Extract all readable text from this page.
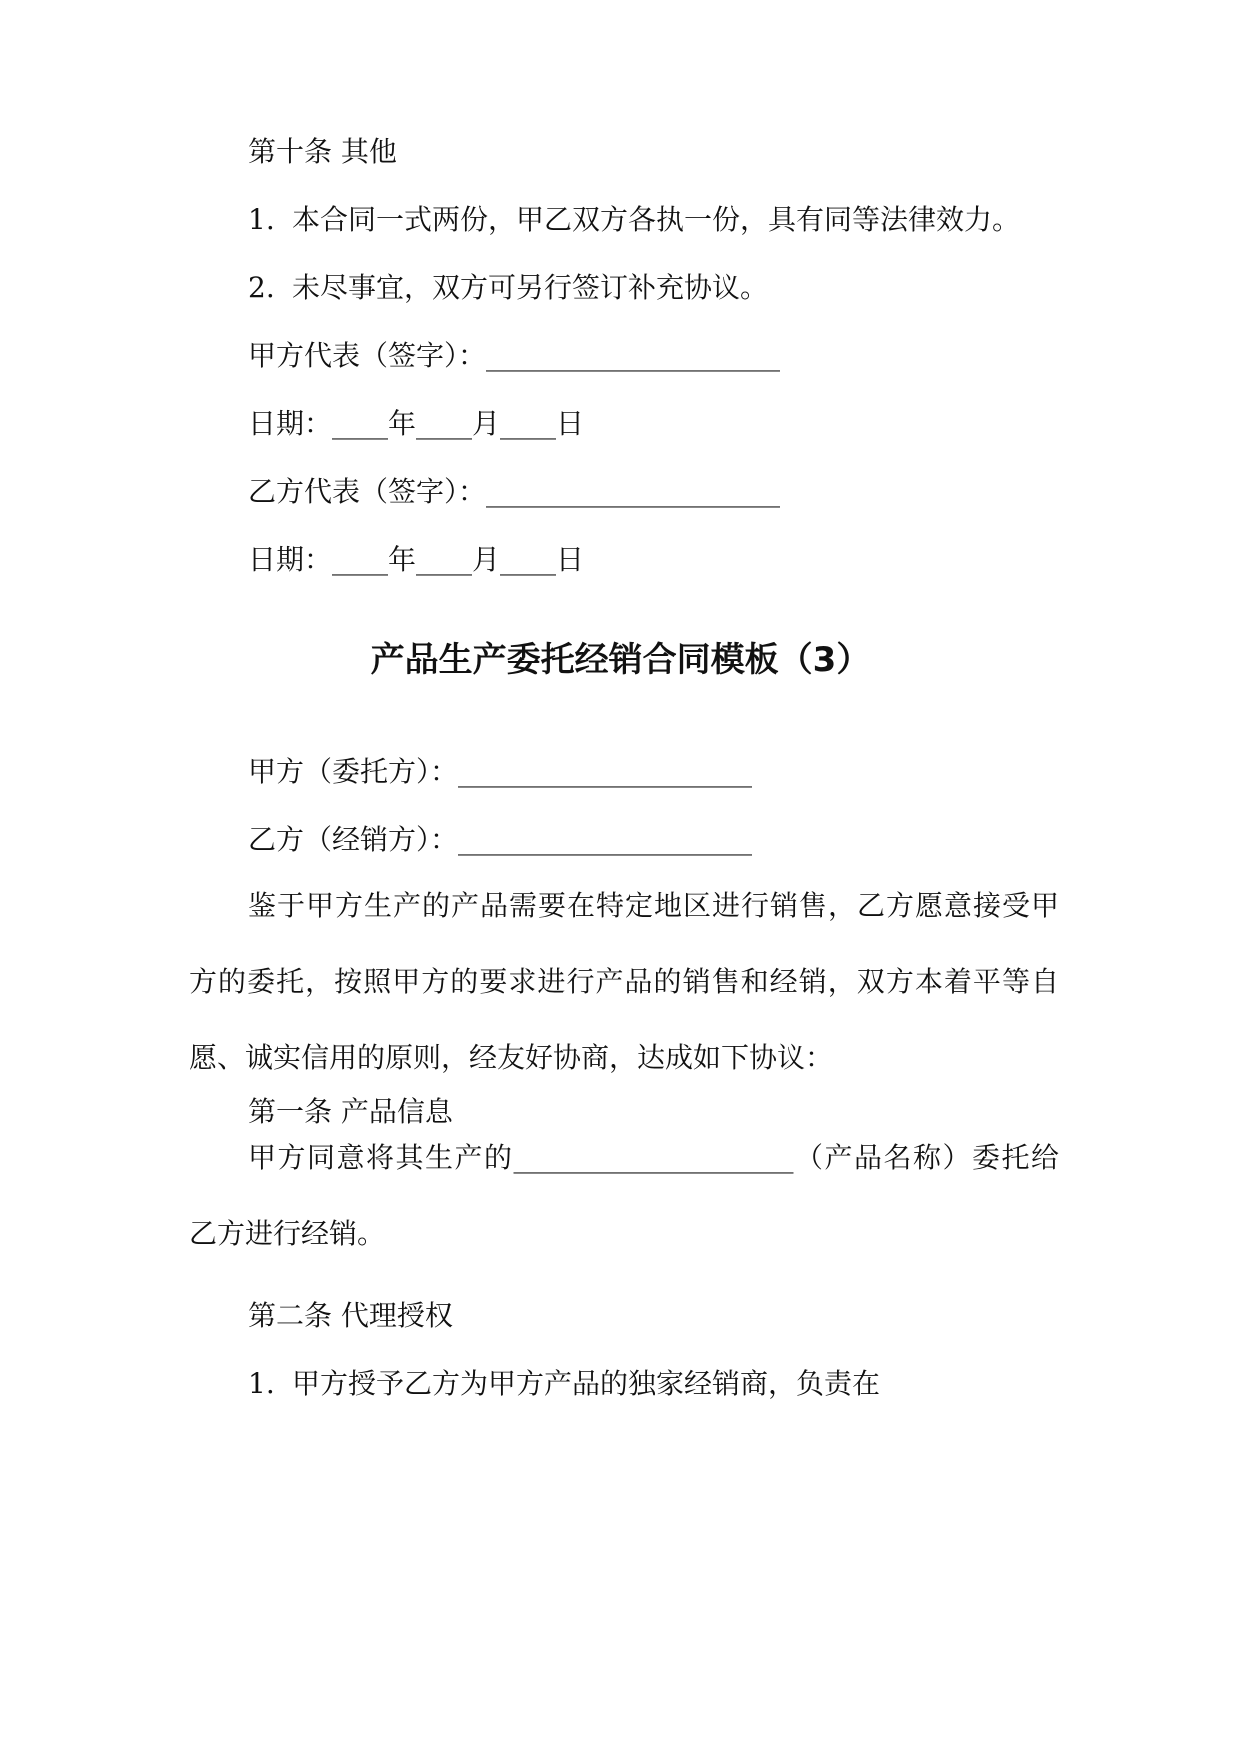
第十条 其他
1. 本合同一式两份，甲乙双方各执一份，具有同等法律效力。
2. 未尽事宜，双方可另行签订补充协议。
甲方代表（签字）：_____________________
日期：____年____月____日
乙方代表（签字）：_____________________
日期：____年____月____日
产品生产委托经销合同模板（3）
甲方（委托方）：_____________________
乙方（经销方）：_____________________
鉴于甲方生产的产品需要在特定地区进行销售，乙方愿意接受甲方的委托，按照甲方的要求进行产品的销售和经销，双方本着平等自愿、诚实信用的原则，经友好协商，达成如下协议：
第一条 产品信息
甲方同意将其生产的____________________（产品名称）委托给乙方进行经销。
第二条 代理授权
1. 甲方授予乙方为甲方产品的独家经销商，负责在
